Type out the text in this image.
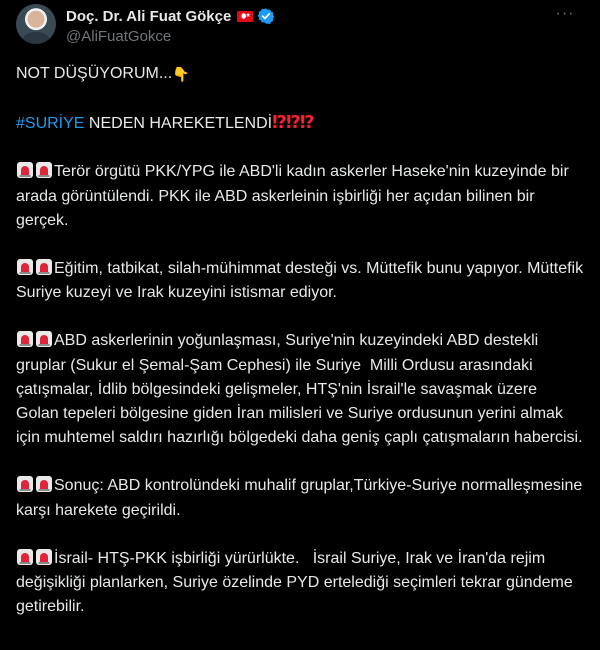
Doç. Dr. Ali Fuat Gökçe
★
@AliFuatGokce
···

NOT DÜŞÜYORUM...👇

#SURİYE NEDEN HAREKETLENDİ⁉⁉⁉

Terör örgütü PKK/YPG ile ABD'li kadın askerler Haseke'nin kuzeyinde bir arada görüntülendi. PKK ile ABD askerleinin işbirliği her açıdan bilinen bir gerçek.

Eğitim, tatbikat, silah-mühimmat desteği vs. Müttefik bunu yapıyor. Müttefik Suriye kuzeyi ve Irak kuzeyini istismar ediyor.

ABD askerlerinin yoğunlaşması, Suriye'nin kuzeyindeki ABD destekli gruplar (Sukur el Şemal-Şam Cephesi) ile Suriye  Milli Ordusu arasındaki çatışmalar, İdlib bölgesindeki gelişmeler, HTŞ'nin İsrail'le savaşmak üzere Golan tepeleri bölgesine giden İran milisleri ve Suriye ordusunun yerini almak için muhtemel saldırı hazırlığı bölgedeki daha geniş çaplı çatışmaların habercisi.

Sonuç: ABD kontrolündeki muhalif gruplar,Türkiye-Suriye normalleşmesine karşı harekete geçirildi.

İsrail- HTŞ-PKK işbirliği yürürlükte.   İsrail Suriye, Irak ve İran'da rejim değişikliği planlarken, Suriye özelinde PYD ertelediği seçimleri tekrar gündeme getirebilir.
